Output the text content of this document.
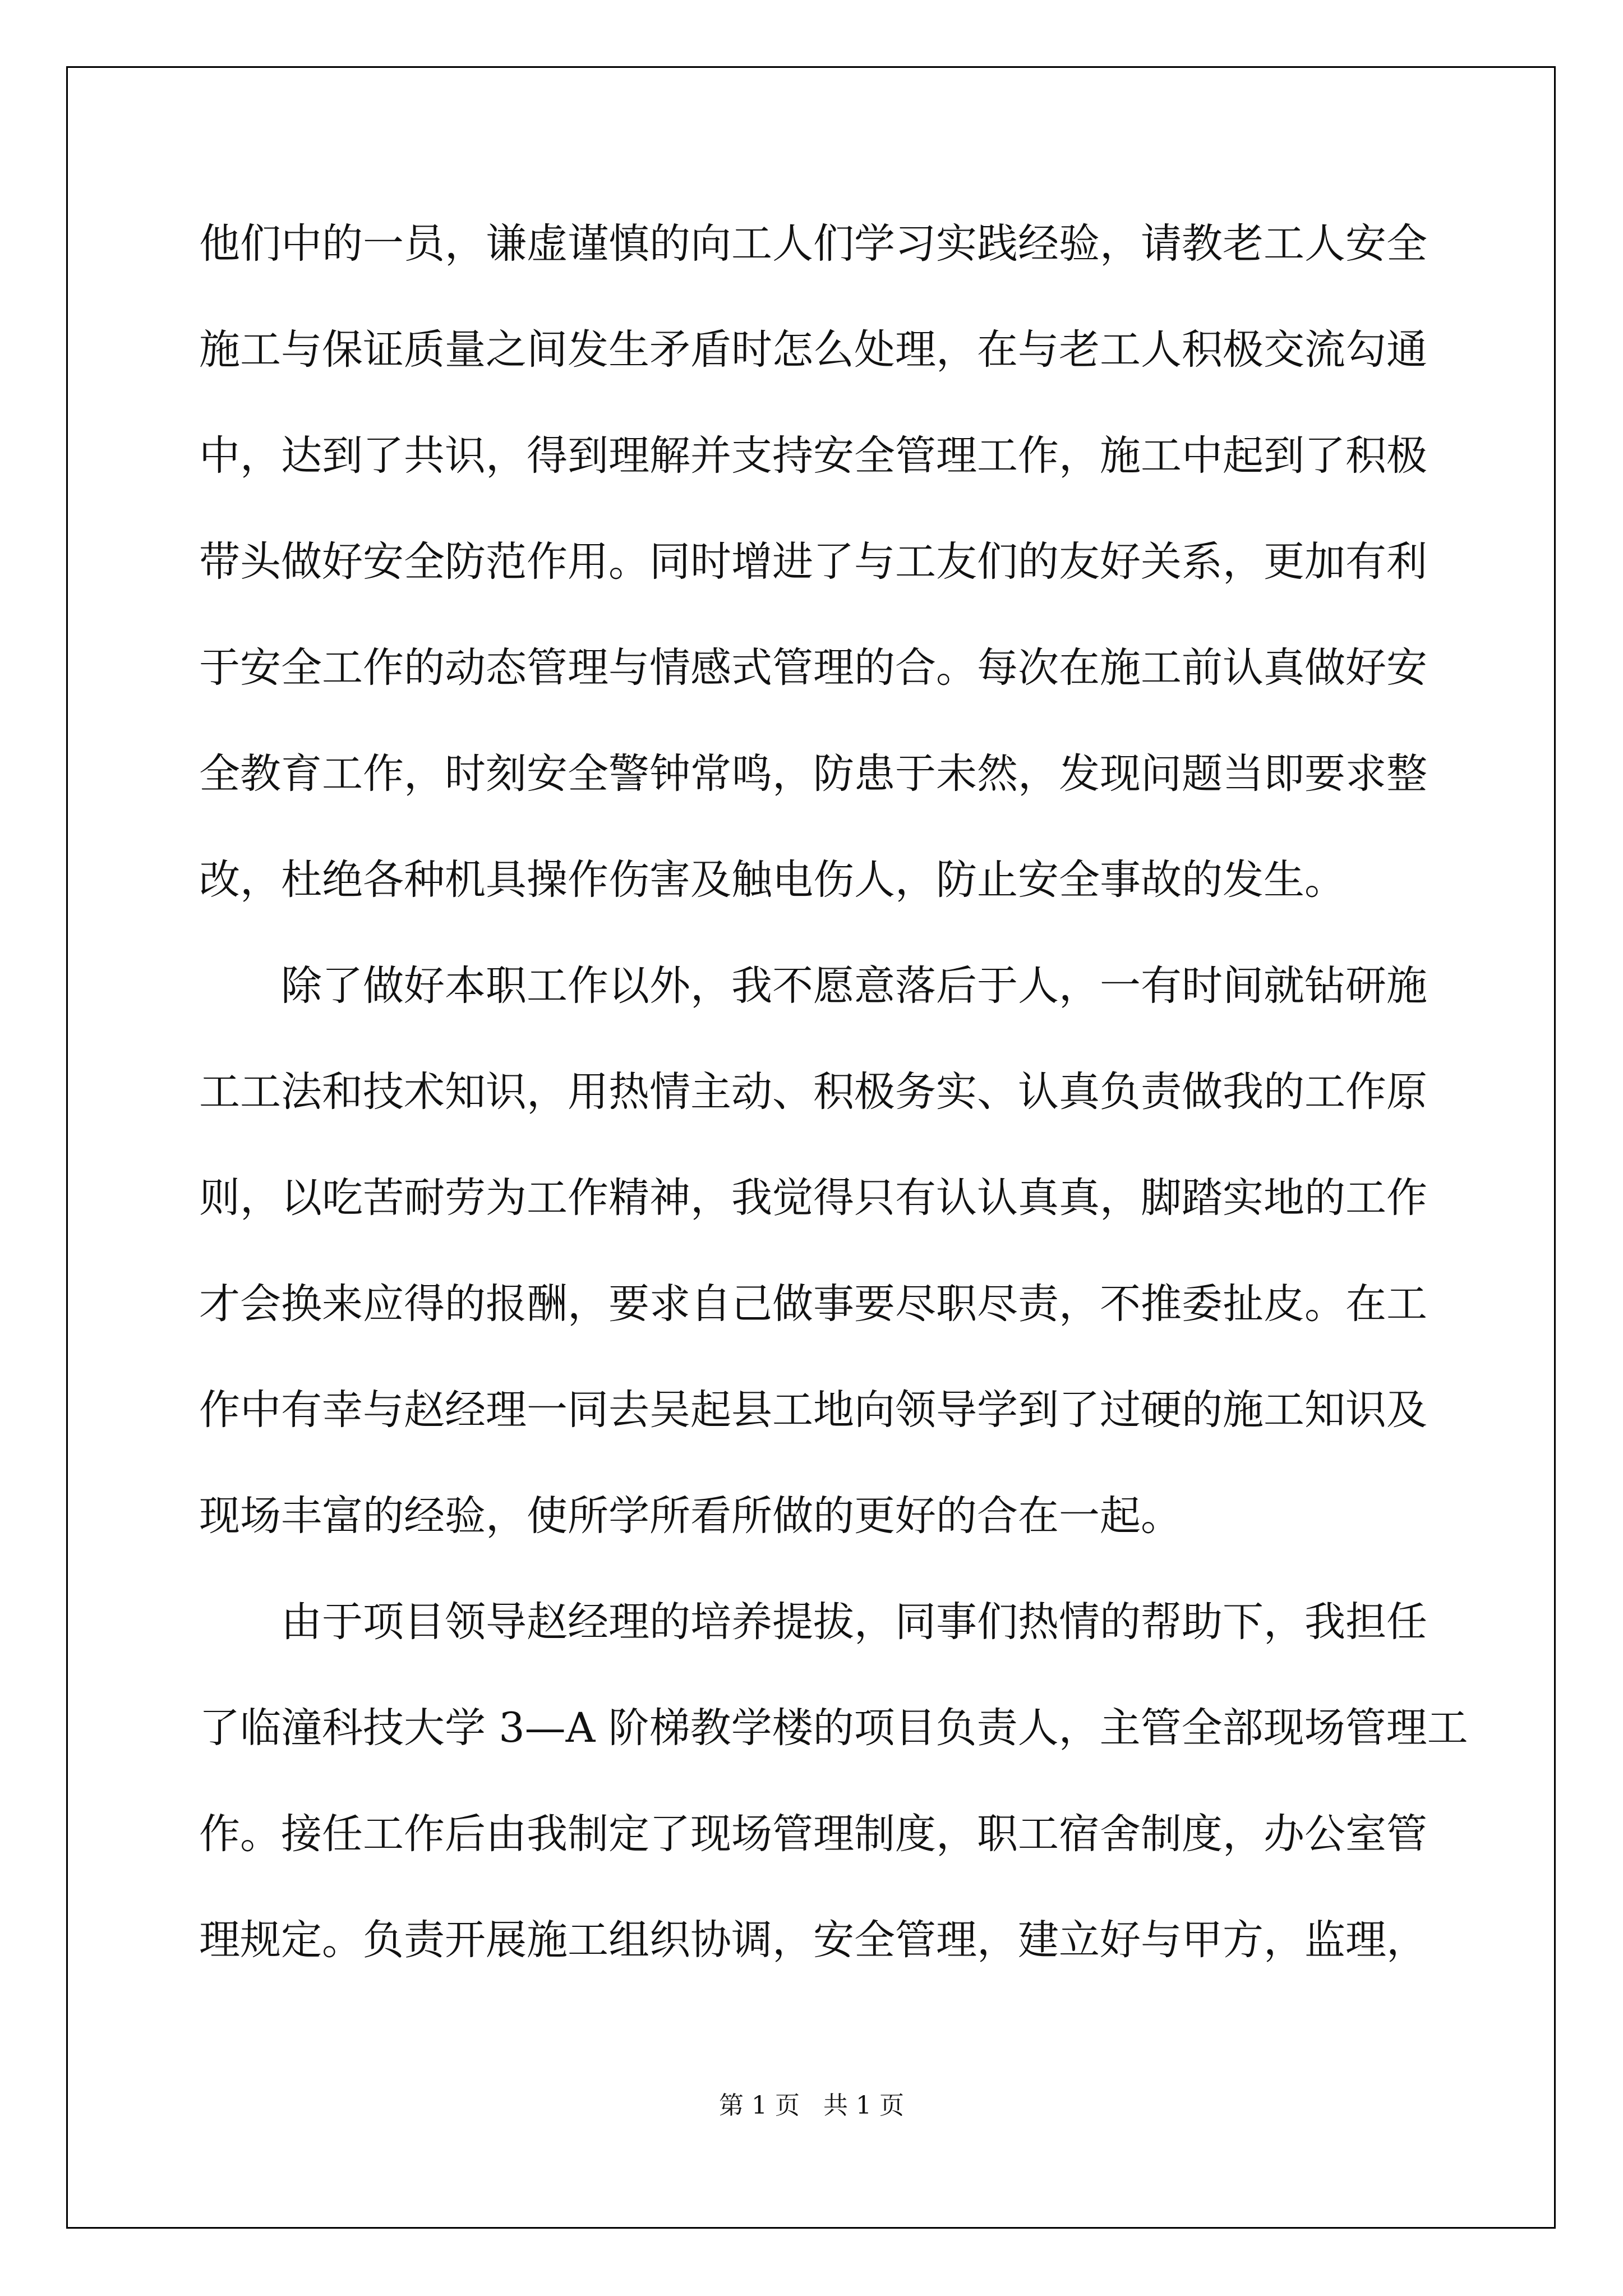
他们中的一员，谦虚谨慎的向工人们学习实践经验，请教老工人安全
施工与保证质量之间发生矛盾时怎么处理，在与老工人积极交流勾通
中，达到了共识，得到理解并支持安全管理工作，施工中起到了积极
带头做好安全防范作用。同时增进了与工友们的友好关系，更加有利
于安全工作的动态管理与情感式管理的合。每次在施工前认真做好安
全教育工作，时刻安全警钟常鸣，防患于未然，发现问题当即要求整
改，杜绝各种机具操作伤害及触电伤人，防止安全事故的发生。
除了做好本职工作以外，我不愿意落后于人，一有时间就钻研施
工工法和技术知识，用热情主动、积极务实、认真负责做我的工作原
则，以吃苦耐劳为工作精神，我觉得只有认认真真，脚踏实地的工作
才会换来应得的报酬，要求自己做事要尽职尽责，不推委扯皮。在工
作中有幸与赵经理一同去吴起县工地向领导学到了过硬的施工知识及
现场丰富的经验，使所学所看所做的更好的合在一起。
由于项目领导赵经理的培养提拔，同事们热情的帮助下，我担任
了临潼科技大学 3—A 阶梯教学楼的项目负责人，主管全部现场管理工
作。接任工作后由我制定了现场管理制度，职工宿舍制度，办公室管
理规定。负责开展施工组织协调，安全管理，建立好与甲方，监理，
第 1 页   共 1 页
